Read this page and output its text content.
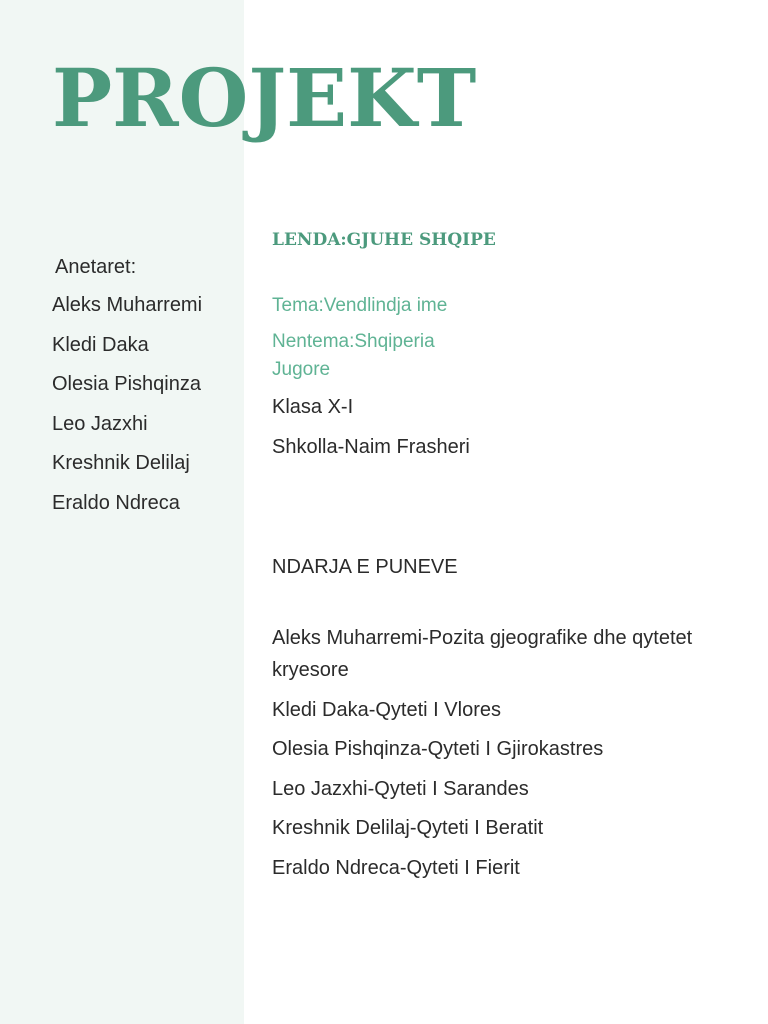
PROJEKT
Anetaret:
Aleks Muharremi
Kledi Daka
Olesia Pishqinza
Leo Jazxhi
Kreshnik Delilaj
Eraldo Ndreca
LENDA:GJUHE SHQIPE
Tema:Vendlindja ime
Nentema:Shqiperia Jugore
Klasa X-I
Shkolla-Naim Frasheri
NDARJA E PUNEVE
Aleks Muharremi-Pozita gjeografike dhe qytetet kryesore
Kledi Daka-Qyteti I Vlores
Olesia Pishqinza-Qyteti I Gjirokastres
Leo Jazxhi-Qyteti I Sarandes
Kreshnik Delilaj-Qyteti I Beratit
Eraldo Ndreca-Qyteti I Fierit
